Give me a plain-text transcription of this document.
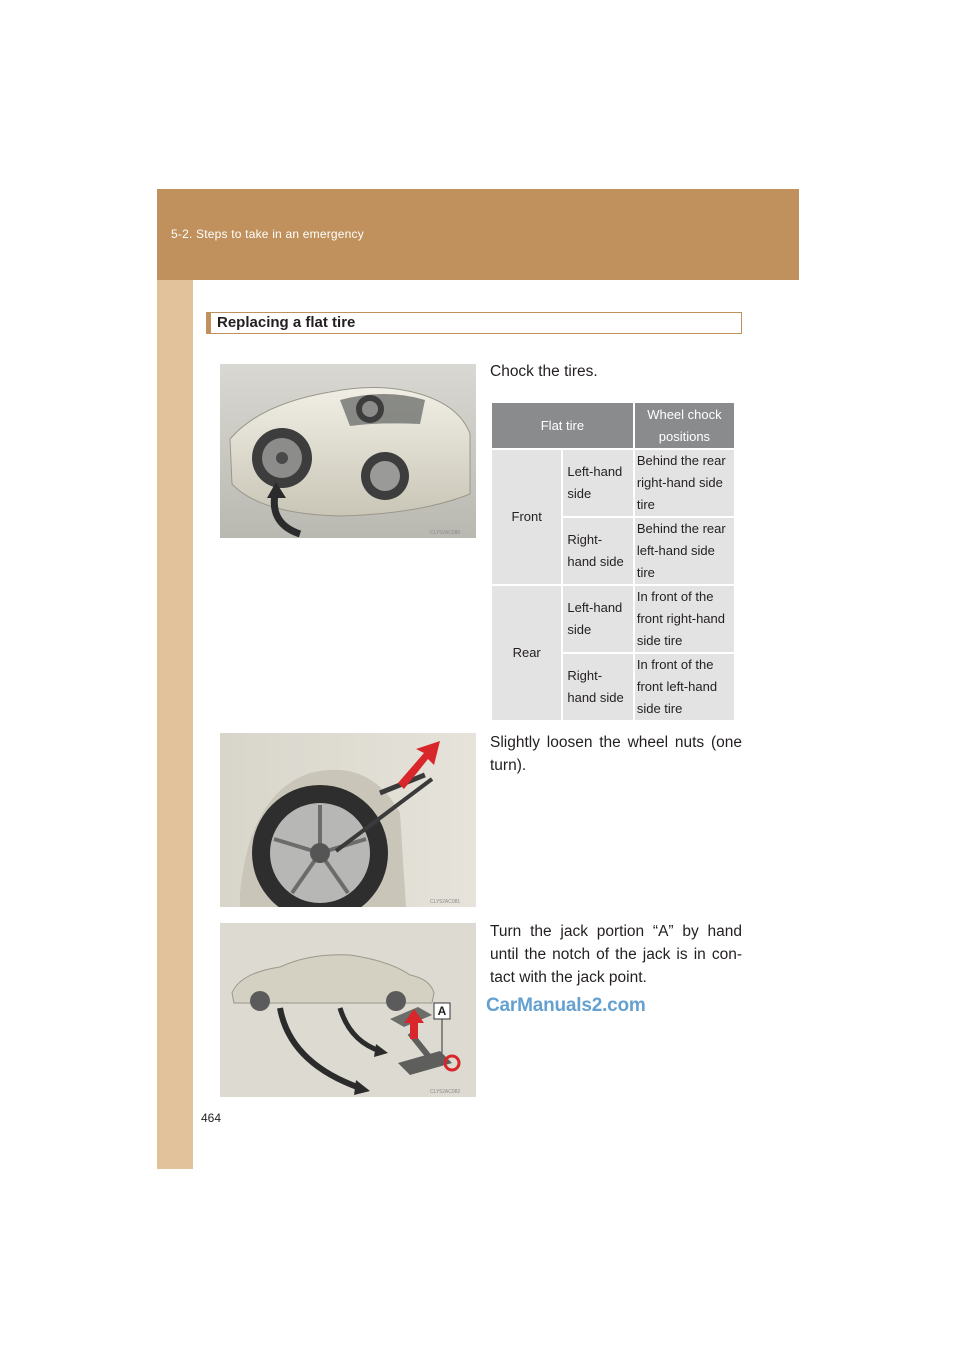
5-2. Steps to take in an emergency
Replacing a flat tire
CLY52AC080
Chock the tires.
Flat tire		Wheel chock positions
Front	Left-hand side	Behind the rear right-hand side tire
	Right-hand side	Behind the rear left-hand side tire
Rear	Left-hand side	In front of the front right-hand side tire
	Right-hand side	In front of the front left-hand side tire
CLY52AC081
Slightly loosen the wheel nuts (one turn).
A
CLY52AC082
Turn the jack portion “A” by hand until the notch of the jack is in con-tact with the jack point.
CarManuals2.com
464
